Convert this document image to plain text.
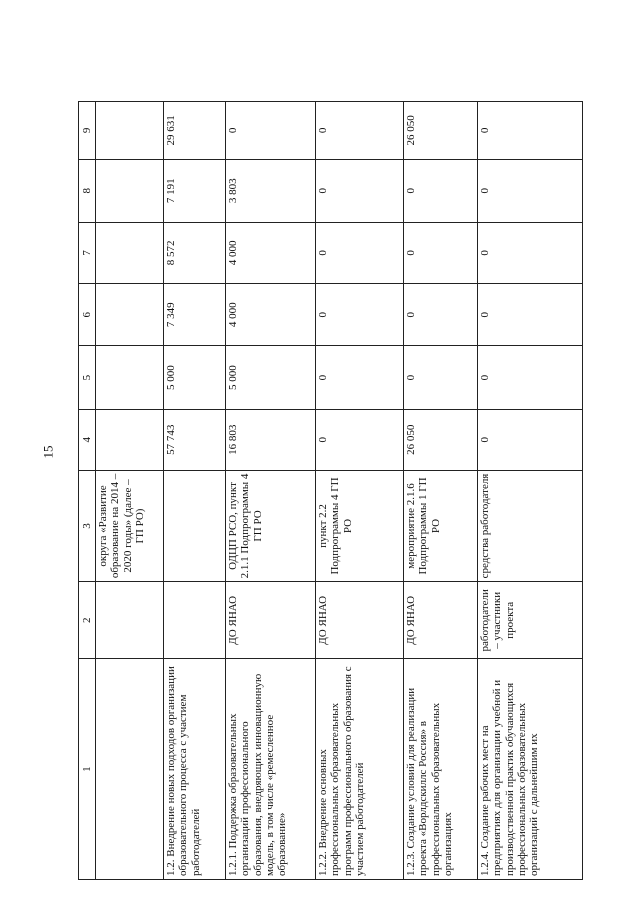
15
1	2	3	4	5	6	7	8	9
		округа «Развитие образование на 2014 – 2020 годы» (далее – ГП РО)						
1.2. Внедрение новых подходов организации образовательного процесса с участием работодателей			57 743	5 000	7 349	8 572	7 191	29 631
1.2.1. Поддержка образовательных организаций профессионального образования, внедряющих инновационную модель, в том числе «ремесленное образование»	ДО ЯНАО	ОДЦП РСО, пункт 2.1.1 Подпрограммы 4 ГП РО	16 803	5 000	4 000	4 000	3 803	0
1.2.2. Внедрение основных профессиональных образовательных программ профессионального образования с участием работодателей	ДО ЯНАО	пункт 2.2 Подпрограммы 4 ГП РО	0	0	0	0	0	0
1.2.3. Создание условий для реализации проекта «Ворлдскиллс Россия» в профессиональных образовательных организациях	ДО ЯНАО	мероприятие 2.1.6 Подпрограммы 1 ГП РО	26 050	0	0	0	0	26 050
1.2.4. Создание рабочих мест на предприятиях для организации учебной и производственной практик обучающихся профессиональных образовательных организаций с дальнейшим их	работодатели – участники проекта	средства работодателя	0	0	0	0	0	0
